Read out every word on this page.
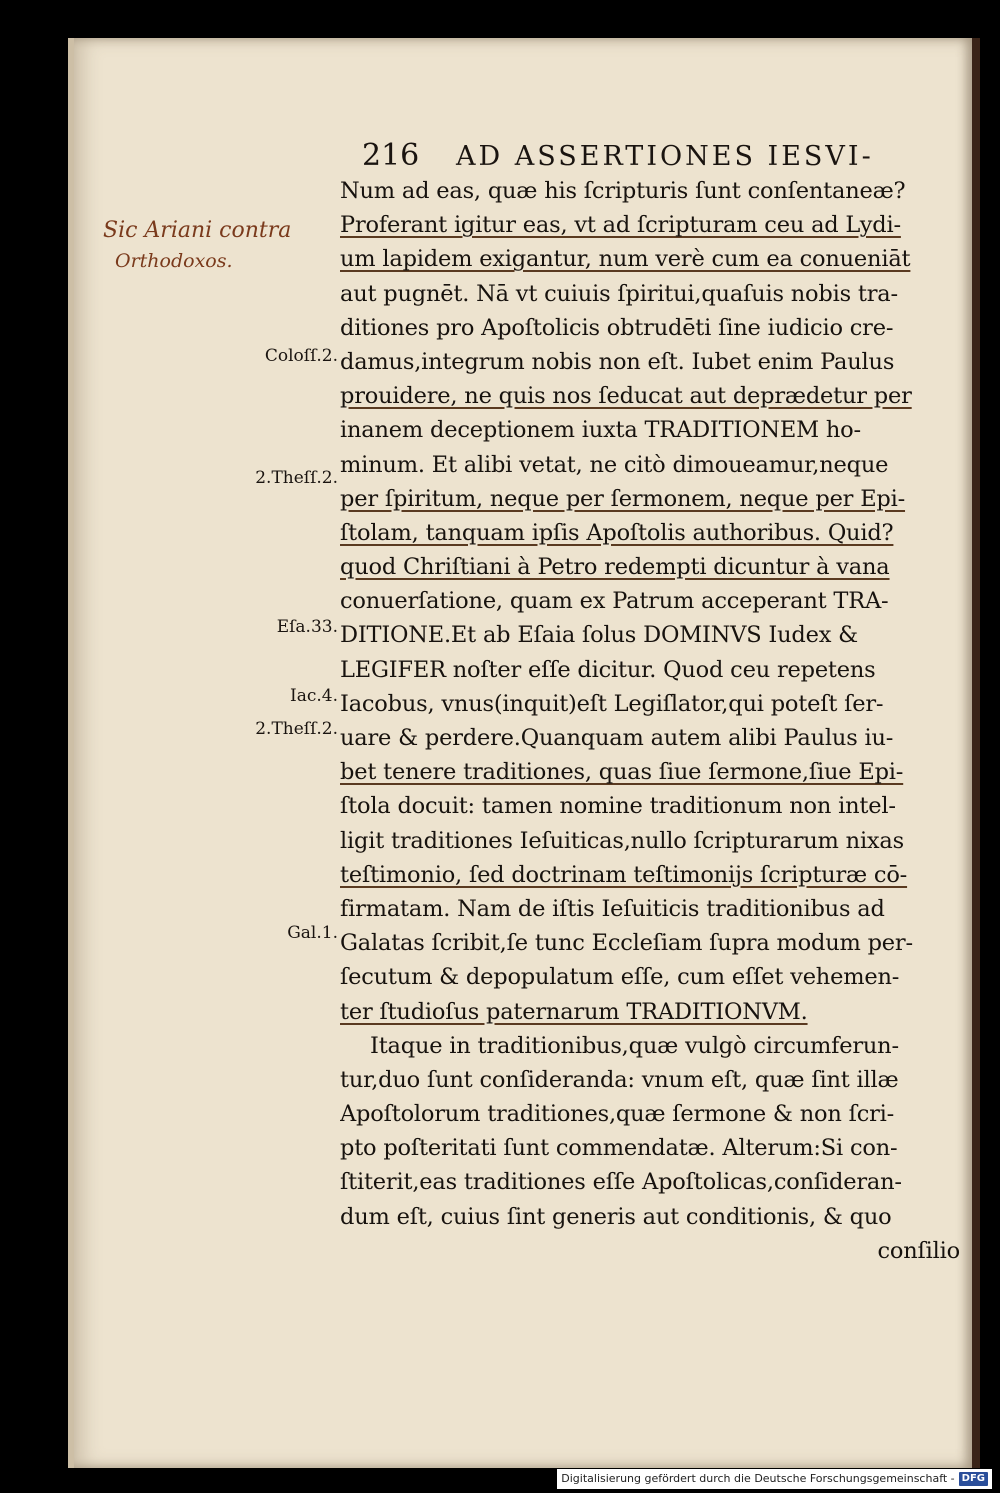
216 AD ASSERTIONES IESVI-
Sic Ariani contra
Orthodoxos.
Coloſſ.2.
2.Theſſ.2.
Eſa.33.
Iac.4.
2.Theſſ.2.
Gal.1.
Num ad eas, quæ his ſcripturis ſunt conſentaneæ?
Proferant igitur eas, vt ad ſcripturam ceu ad Lydi-
um lapidem exigantur, num verè cum ea conueniāt
aut pugnēt. Nā vt cuiuis ſpiritui,quaſuis nobis tra-
ditiones pro Apoſtolicis obtrudēti ſine iudicio cre-
damus,integrum nobis non eſt. Iubet enim Paulus
prouidere, ne quis nos ſeducat aut deprædetur per
inanem deceptionem iuxta TRADITIONEM ho-
minum. Et alibi vetat, ne citò dimoueamur,neque
per ſpiritum, neque per ſermonem, neque per Epi-
ſtolam, tanquam ipſis Apoſtolis authoribus. Quid?
quod Chriſtiani à Petro redempti dicuntur à vana
conuerſatione, quam ex Patrum acceperant TRA-
DITIONE.Et ab Eſaia ſolus DOMINVS Iudex &
LEGIFER noſter eſſe dicitur. Quod ceu repetens
Iacobus, vnus(inquit)eſt Legiſlator,qui poteſt ſer-
uare & perdere.Quanquam autem alibi Paulus iu-
bet tenere traditiones, quas ſiue ſermone,ſiue Epi-
ſtola docuit: tamen nomine traditionum non intel-
ligit traditiones Ieſuiticas,nullo ſcripturarum nixas
teſtimonio, ſed doctrinam teſtimonijs ſcripturæ cō-
firmatam. Nam de iſtis Ieſuiticis traditionibus ad
Galatas ſcribit,ſe tunc Eccleſiam ſupra modum per-
ſecutum & depopulatum eſſe, cum eſſet vehemen-
ter ſtudioſus paternarum TRADITIONVM.
Itaque in traditionibus,quæ vulgò circumferun-
tur,duo ſunt conſideranda: vnum eſt, quæ ſint illæ
Apoſtolorum traditiones,quæ ſermone & non ſcri-
pto poſteritati ſunt commendatæ. Alterum:Si con-
ſtiterit,eas traditiones eſſe Apoſtolicas,conſideran-
dum eſt, cuius ſint generis aut conditionis, & quo
conſilio
Digitalisierung gefördert durch die Deutsche Forschungsgemeinschaft - DFG
